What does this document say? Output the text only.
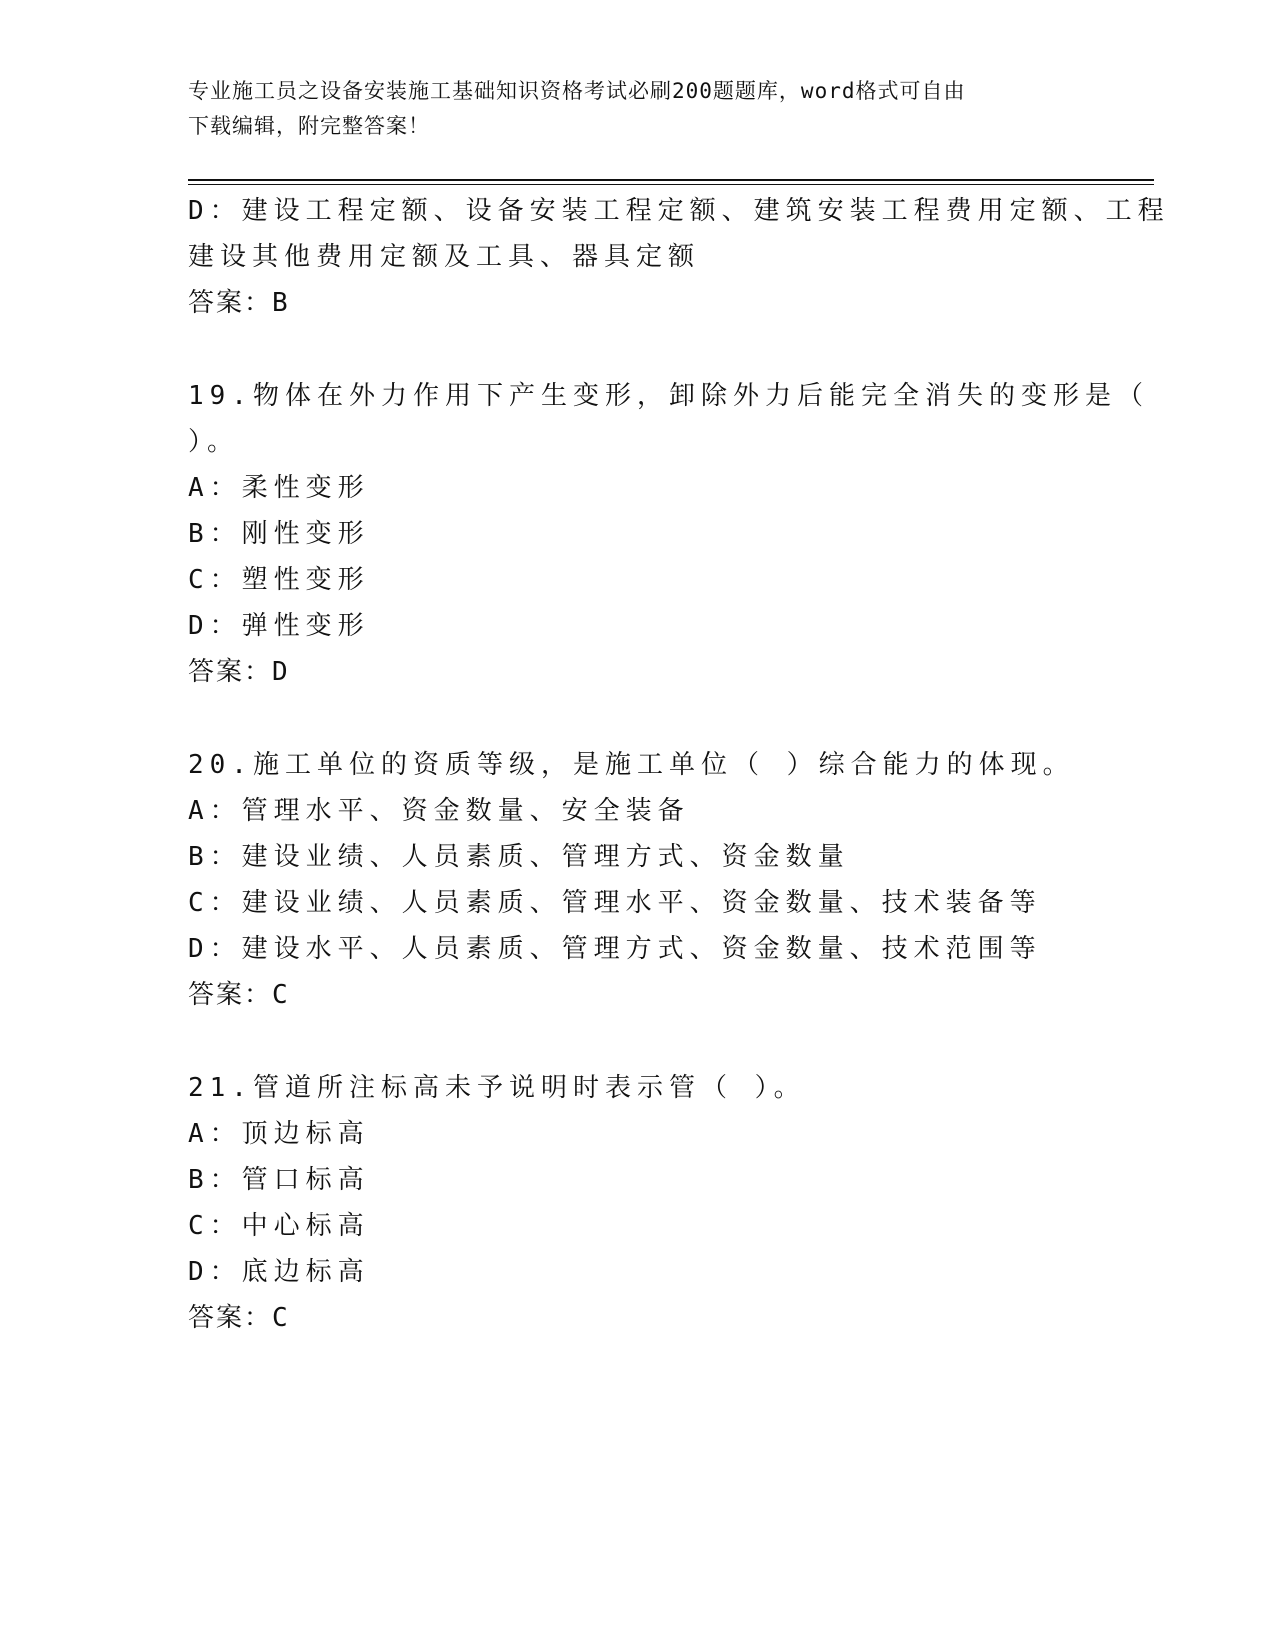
专业施工员之设备安装施工基础知识资格考试必刷200题题库，word格式可自由
下载编辑，附完整答案！
D：建设工程定额、设备安装工程定额、建筑安装工程费用定额、工程
建设其他费用定额及工具、器具定额
答案：B
19.物体在外力作用下产生变形，卸除外力后能完全消失的变形是（
）。
A：柔性变形
B：刚性变形
C：塑性变形
D：弹性变形
答案：D
20.施工单位的资质等级，是施工单位（ ）综合能力的体现。
A：管理水平、资金数量、安全装备
B：建设业绩、人员素质、管理方式、资金数量
C：建设业绩、人员素质、管理水平、资金数量、技术装备等
D：建设水平、人员素质、管理方式、资金数量、技术范围等
答案：C
21.管道所注标高未予说明时表示管（ ）。
A：顶边标高
B：管口标高
C：中心标高
D：底边标高
答案：C
